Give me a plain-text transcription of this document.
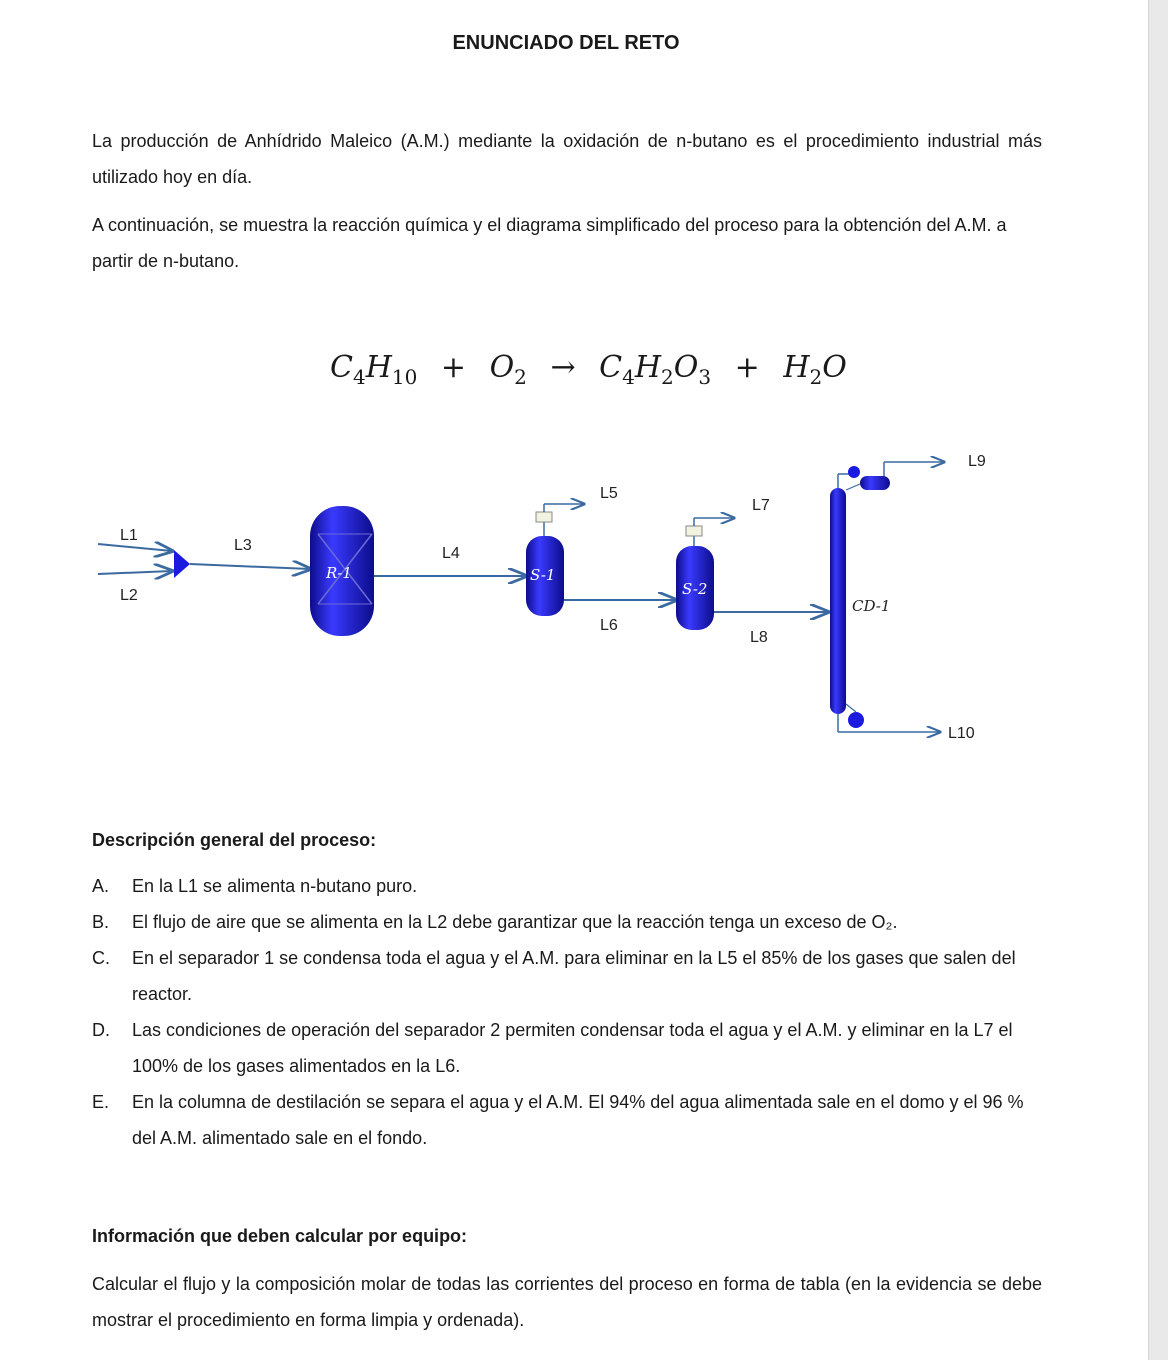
ENUNCIADO DEL RETO
La producción de Anhídrido Maleico (A.M.) mediante la oxidación de n-butano es el procedimiento industrial más utilizado hoy en día.
A continuación, se muestra la reacción química y el diagrama simplificado del proceso para la obtención del A.M. a partir de n-butano.
$C_4H_{10} + O_2 \to C_4H_2O_3 + H_2O$
L1
L2
L3
R-1
L4
S-1
L5
L6
S-2
L7
L8
CD-1
L9
L10
Descripción general del proceso:
A. En la L1 se alimenta n-butano puro.
B. El flujo de aire que se alimenta en la L2 debe garantizar que la reacción tenga un exceso de O₂.
C. En el separador 1 se condensa toda el agua y el A.M. para eliminar en la L5 el 85% de los gases que salen del reactor.
D. Las condiciones de operación del separador 2 permiten condensar toda el agua y el A.M. y eliminar en la L7 el 100% de los gases alimentados en la L6.
E. En la columna de destilación se separa el agua y el A.M. El 94% del agua alimentada sale en el domo y el 96 % del A.M. alimentado sale en el fondo.
Información que deben calcular por equipo:
Calcular el flujo y la composición molar de todas las corrientes del proceso en forma de tabla (en la evidencia se debe mostrar el procedimiento en forma limpia y ordenada).
